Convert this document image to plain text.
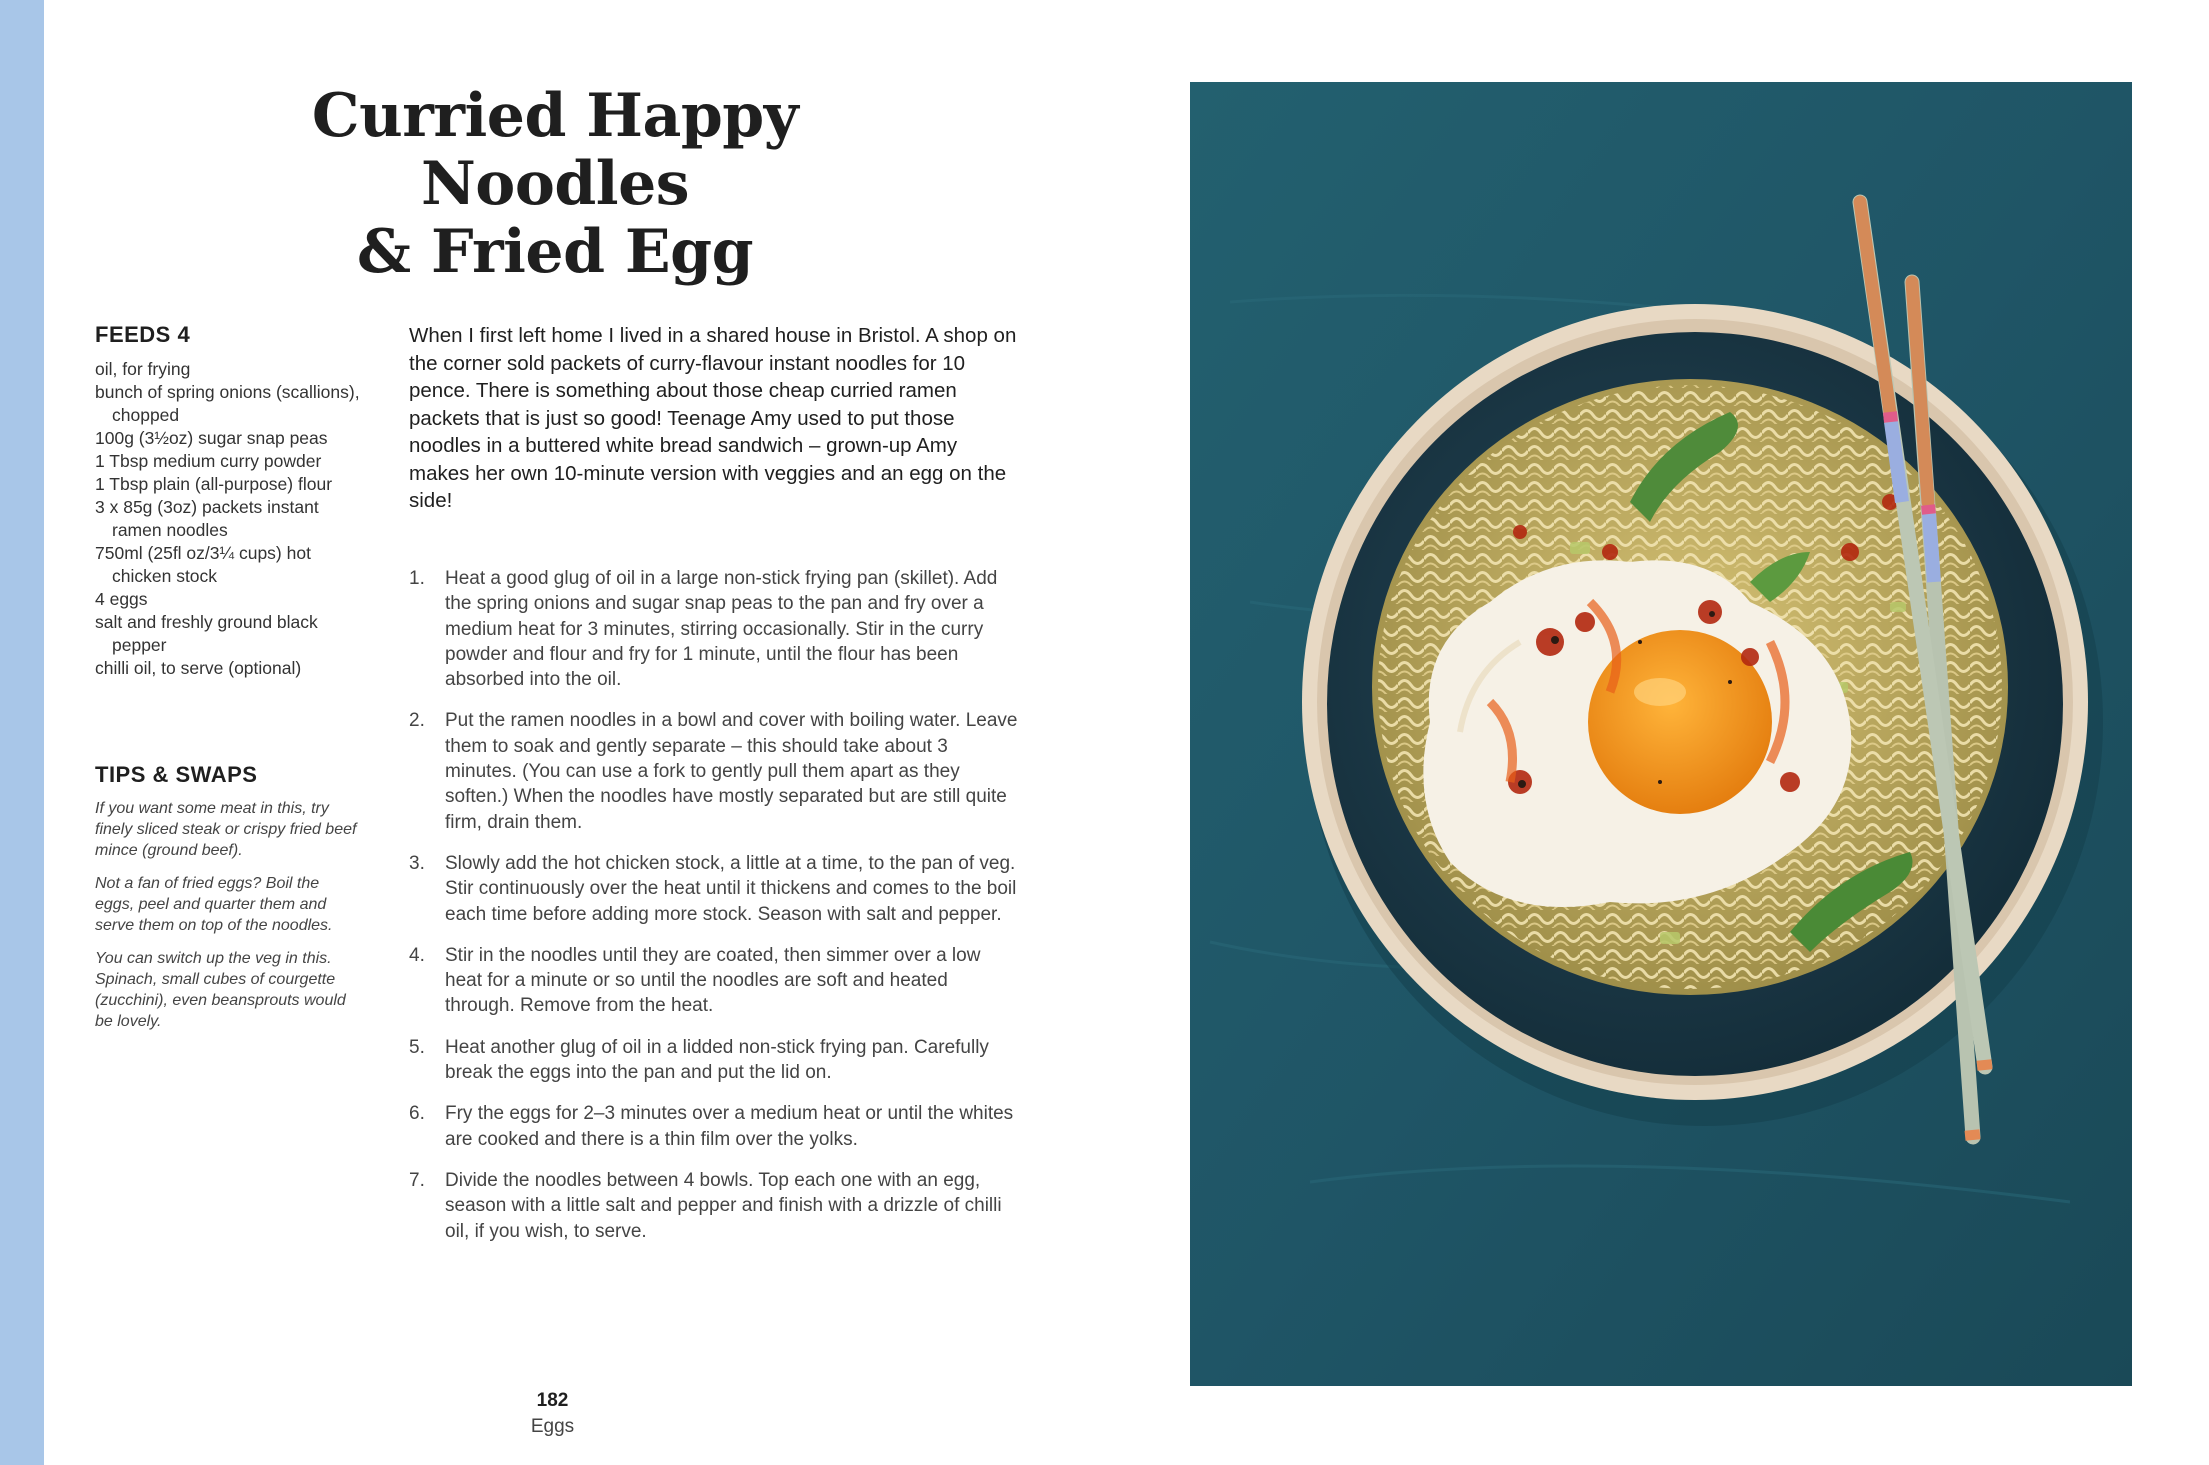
Curried Happy Noodles
& Fried Egg
FEEDS 4
oil, for frying
bunch of spring onions (scallions), chopped
100g (3½oz) sugar snap peas
1 Tbsp medium curry powder
1 Tbsp plain (all-purpose) flour
3 x 85g (3oz) packets instant ramen noodles
750ml (25fl oz/3¼ cups) hot chicken stock
4 eggs
salt and freshly ground black pepper
chilli oil, to serve (optional)
TIPS & SWAPS

If you want some meat in this, try finely sliced steak or crispy fried beef mince (ground beef).

Not a fan of fried eggs? Boil the eggs, peel and quarter them and serve them on top of the noodles.

You can switch up the veg in this. Spinach, small cubes of courgette (zucchini), even beansprouts would be lovely.

When I first left home I lived in a shared house in Bristol. A shop on the corner sold packets of curry-flavour instant noodles for 10 pence. There is something about those cheap curried ramen packets that is just so good! Teenage Amy used to put those noodles in a buttered white bread sandwich – grown-up Amy makes her own 10-minute version with veggies and an egg on the side!

1.	Heat a good glug of oil in a large non-stick frying pan (skillet). Add the spring onions and sugar snap peas to the pan and fry over a medium heat for 3 minutes, stirring occasionally. Stir in the curry powder and flour and fry for 1 minute, until the flour has been absorbed into the oil.
2.	Put the ramen noodles in a bowl and cover with boiling water. Leave them to soak and gently separate – this should take about 3 minutes. (You can use a fork to gently pull them apart as they soften.) When the noodles have mostly separated but are still quite firm, drain them.
3.	Slowly add the hot chicken stock, a little at a time, to the pan of veg. Stir continuously over the heat until it thickens and comes to the boil each time before adding more stock. Season with salt and pepper.
4.	Stir in the noodles until they are coated, then simmer over a low heat for a minute or so until the noodles are soft and heated through. Remove from the heat.
5.	Heat another glug of oil in a lidded non-stick frying pan. Carefully break the eggs into the pan and put the lid on.
6.	Fry the eggs for 2–3 minutes over a medium heat or until the whites are cooked and there is a thin film over the yolks.
7.	Divide the noodles between 4 bowls. Top each one with an egg, season with a little salt and pepper and finish with a drizzle of chilli oil, if you wish, to serve.
182
Eggs
